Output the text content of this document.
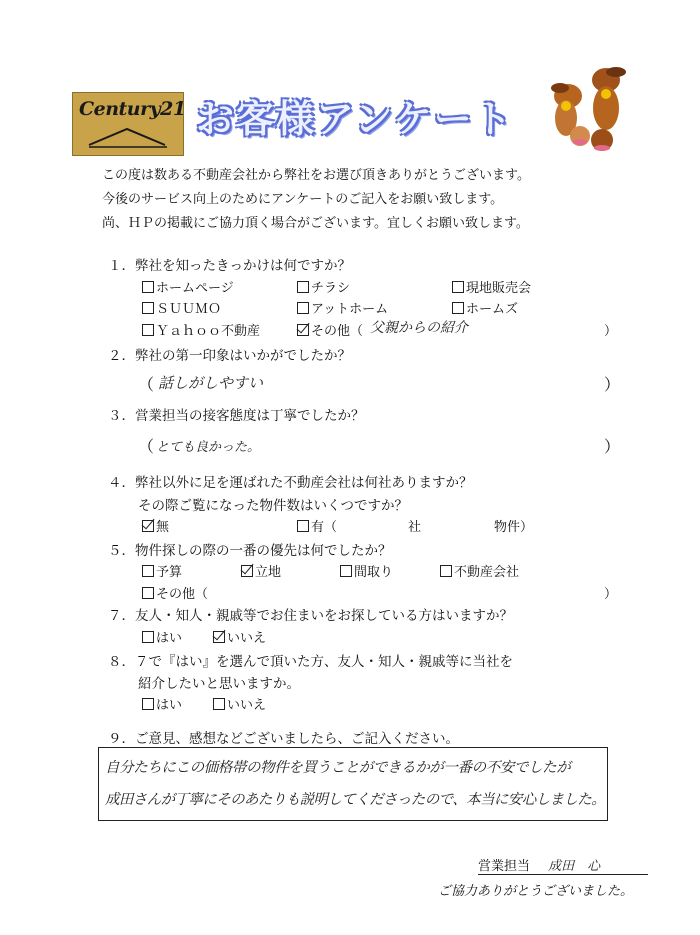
Century21 お客様アンケート
この度は数ある不動産会社から弊社をお選び頂きありがとうございます。
今後のサービス向上のためにアンケートのご記入をお願い致します。
尚、ＨＰの掲載にご協力頂く場合がございます。宜しくお願い致します。
１．弊社を知ったきっかけは何ですか？
ホームページ	チラシ	現地販売会
ＳＵＵＭＯ	アットホーム	ホームズ
Ｙａｈｏｏ不動産	その他（ 父親からの紹介	）
２．弊社の第一印象はいかがでしたか？
（ 話しがしやすい	）
３．営業担当の接客態度は丁寧でしたか？
（ とても良かった。	）
４．弊社以外に足を運ばれた不動産会社は何社ありますか？
その際ご覧になった物件数はいくつですか？
無	有（	社	物件）
５．物件探しの際の一番の優先は何でしたか？
予算	立地	間取り	不動産会社
その他（	）
７．友人・知人・親戚等でお住まいをお探している方はいますか？
はい	いいえ
８．７で『はい』を選んで頂いた方、友人・知人・親戚等に当社を
紹介したいと思いますか。
はい	いいえ
９．ご意見、感想などございましたら、ご記入ください。
自分たちにこの価格帯の物件を買うことができるかが一番の不安でしたが
成田さんが丁寧にそのあたりも説明してくださったので、本当に安心しました。
営業担当 成田　心
ご協力ありがとうございました。
